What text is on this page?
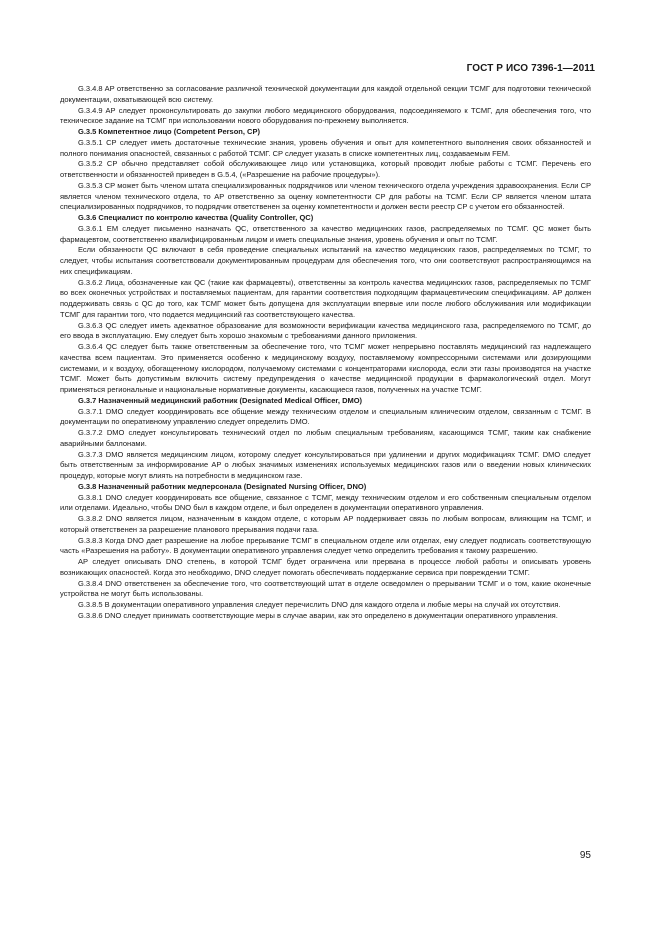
ГОСТ Р ИСО 7396-1—2011

G.3.4.8 AP ответственно за согласование различной технической документации для каждой отдельной секции ТСМГ для подготовки технической документации, охватывающей всю систему.

G.3.4.9 AP следует проконсультировать до закупки любого медицинского оборудования, подсоединяемого к ТСМГ, для обеспечения того, что техническое задание на ТСМГ при использовании нового оборудования по-прежнему выполняется.

G.3.5 Компетентное лицо (Competent Person, CP)

G.3.5.1 CP следует иметь достаточные технические знания, уровень обучения и опыт для компетентного выполнения своих обязанностей и полного понимания опасностей, связанных с работой ТСМГ. CP следует указать в списке компетентных лиц, создаваемым FEM.

G.3.5.2 CP обычно представляет собой обслуживающее лицо или установщика, который проводит любые работы с ТСМГ. Перечень его ответственности и обязанностей приведен в G.5.4, («Разрешение на рабочие процедуры»).

G.3.5.3 CP может быть членом штата специализированных подрядчиков или членом технического отдела учреждения здравоохранения. Если CP является членом технического отдела, то AP ответственно за оценку компетентности CP для работы на ТСМГ. Если CP является членом штата специализированных подрядчиков, то подрядчик ответственен за оценку компетентности и должен вести реестр CP с учетом его обязанностей.

G.3.6 Специалист по контролю качества (Quality Controller, QC)

G.3.6.1 EM следует письменно назначать QC, ответственного за качество медицинских газов, распределяемых по ТСМГ. QC может быть фармацевтом, соответственно квалифицированным лицом и иметь специальные знания, уровень обучения и опыт по ТСМГ.

Если обязанности QC включают в себя проведение специальных испытаний на качество медицинских газов, распределяемых по ТСМГ, то следует, чтобы испытания соответствовали документированным процедурам для обеспечения того, что они соответствуют распространяющимся на них спецификациям.

G.3.6.2 Лица, обозначенные как QC (такие как фармацевты), ответственны за контроль качества медицинских газов, распределяемых по ТСМГ во всех оконечных устройствах и поставляемых пациентам, для гарантии соответствия подходящим фармацевтическим спецификациям. AP должен поддерживать связь с QC до того, как ТСМГ может быть допущена для эксплуатации впервые или после любого обслуживания или модификации ТСМГ для гарантии того, что подается медицинский газ соответствующего качества.

G.3.6.3 QC следует иметь адекватное образование для возможности верификации качества медицинского газа, распределяемого по ТСМГ, до его ввода в эксплуатацию. Ему следует быть хорошо знакомым с требованиями данного приложения.

G.3.6.4 QC следует быть также ответственным за обеспечение того, что ТСМГ может непрерывно поставлять медицинский газ надлежащего качества всем пациентам. Это применяется особенно к медицинскому воздуху, поставляемому компрессорными системами или дозирующими системами, и к воздуху, обогащенному кислородом, получаемому системами с концентраторами кислорода, если эти газы производятся на участке ТСМГ. Может быть допустимым включить систему предупреждения о качестве медицинской продукции в фармакологический отдел. Могут применяться региональные и национальные нормативные документы, касающиеся газов, полученных на участке ТСМГ.

G.3.7 Назначенный медицинский работник (Designated Medical Officer, DMO)

G.3.7.1 DMO следует координировать все общение между техническим отделом и специальным клиническим отделом, связанным с ТСМГ. В документации по оперативному управлению следует определить DMO.

G.3.7.2 DMO следует консультировать технический отдел по любым специальным требованиям, касающимся ТСМГ, таким как снабжение аварийными баллонами.

G.3.7.3 DMO является медицинским лицом, которому следует консультироваться при удлинении и других модификациях ТСМГ. DMO следует быть ответственным за информирование AP о любых значимых изменениях используемых медицинских газов или о введении новых клинических процедур, которые могут влиять на потребности в медицинском газе.

G.3.8 Назначенный работник медперсонала (Designated Nursing Officer, DNO)

G.3.8.1 DNO следует координировать все общение, связанное с ТСМГ, между техническим отделом и его собственным специальным отделом или отделами. Идеально, чтобы DNO был в каждом отделе, и был определен в документации оперативного управления.

G.3.8.2 DNO является лицом, назначенным в каждом отделе, с которым AP поддерживает связь по любым вопросам, влияющим на ТСМГ, и который ответственен за разрешение планового прерывания подачи газа.

G.3.8.3 Когда DNO дает разрешение на любое прерывание ТСМГ в специальном отделе или отделах, ему следует подписать соответствующую часть «Разрешения на работу». В документации оперативного управления следует четко определить требования к такому разрешению.

AP следует описывать DNO степень, в которой ТСМГ будет ограничена или прервана в процессе любой работы и описывать уровень возникающих опасностей. Когда это необходимо, DNO следует помогать обеспечивать поддержание сервиса при повреждении ТСМГ.

G.3.8.4 DNO ответственен за обеспечение того, что соответствующий штат в отделе осведомлен о прерывании ТСМГ и о том, какие оконечные устройства не могут быть использованы.

G.3.8.5 В документации оперативного управления следует перечислить DNO для каждого отдела и любые меры на случай их отсутствия.

G.3.8.6 DNO следует принимать соответствующие меры в случае аварии, как это определено в документации оперативного управления.

95
